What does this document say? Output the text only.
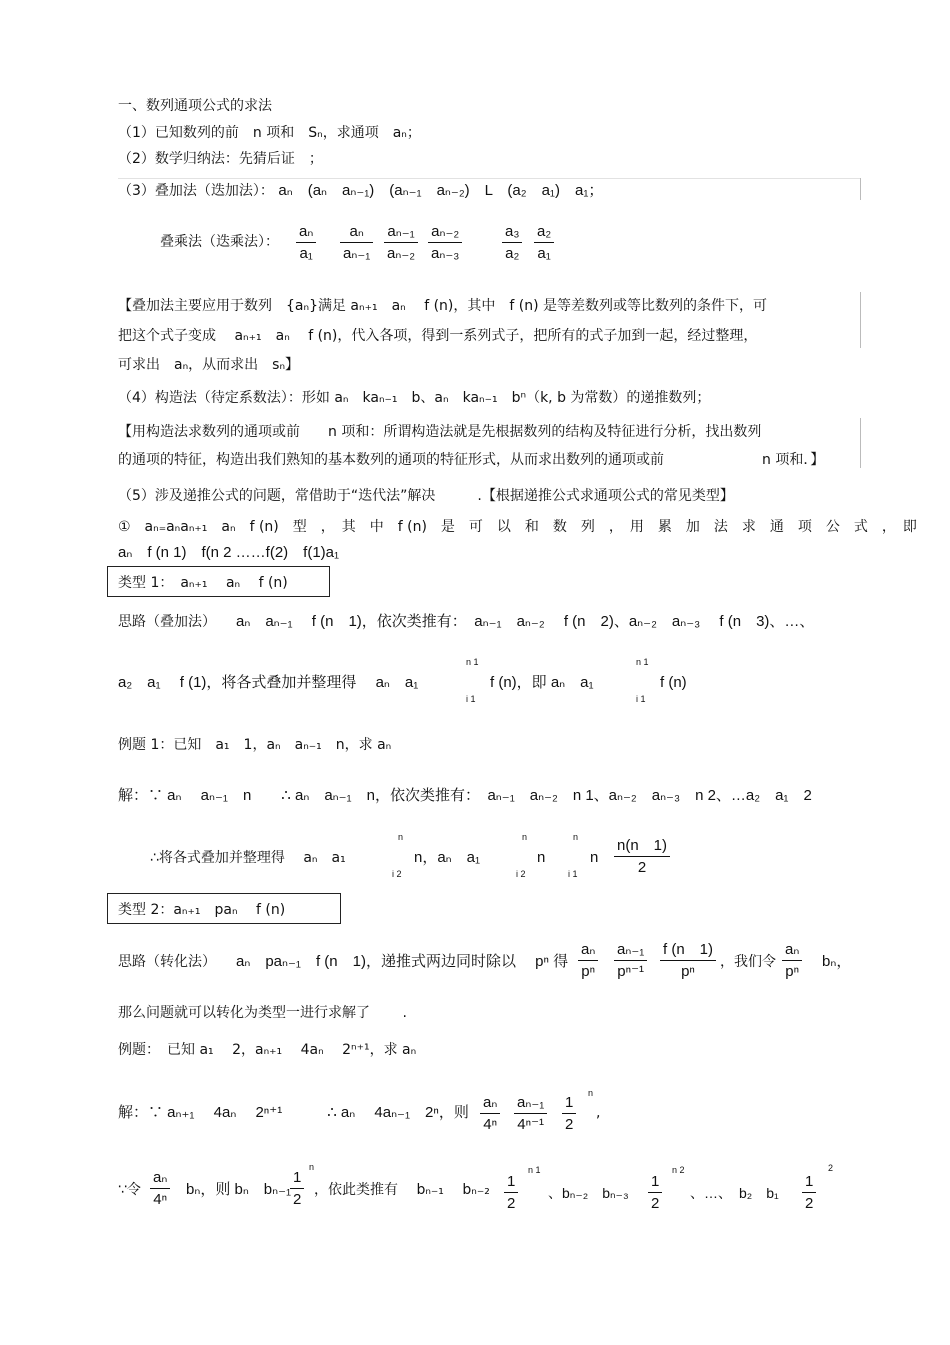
一、数列通项公式的求法
（1）已知数列的前　n 项和　Sₙ，求通项　aₙ；
（2）数学归纳法：先猜后证　；
（3）叠加法（迭加法）： aₙ　(aₙ　aₙ₋₁)　(aₙ₋₁　aₙ₋₂)　L　(a₂　a₁)　a₁；
叠乘法（迭乘法）： $\frac{\text{aₙ}}{\text{a₁}} \frac{\text{aₙ}}{\text{aₙ₋₁}} \frac{\text{aₙ₋₁}}{\text{aₙ₋₂}} \frac{\text{aₙ₋₂}}{\text{aₙ₋₃}}$	$\frac{\text{a₃}}{\text{a₂}} \frac{\text{a₂}}{\text{a₁}}$
【叠加法主要应用于数列　{aₙ}满足 aₙ₊₁　aₙ　 f (n)，其中　f (n) 是等差数列或等比数列的条件下，可
把这个式子变成　 aₙ₊₁　aₙ　 f (n)，代入各项，得到一系列式子，把所有的式子加到一起，经过整理，
可求出　aₙ，从而求出　sₙ】
（4）构造法（待定系数法）：形如 aₙ　kaₙ₋₁　b、aₙ　kaₙ₋₁　bⁿ（k, b 为常数）的递推数列；
【用构造法求数列的通项或前　　n 项和：所谓构造法就是先根据数列的结构及特征进行分析，找出数列
的通项的特征，构造出我们熟知的基本数列的通项的特征形式，从而求出数列的通项或前　　　　　　　n 项和．】
（5）涉及递推公式的问题，常借助于“迭代法”解决　　　.【根据递推公式求通项公式的常见类型】
①　aₙ₌aₙaₙ₊₁　aₙ　f (n)　型　，　其　中　f (n)　是　可　以　和　数　列　，　用　累　加　法　求　通　项　公　式　，　即
aₙ　f (n 1)　f(n 2 ……f(2)　f(1)a₁
类型 1：　aₙ₊₁　 aₙ　 f (n)
思路（叠加法） aₙ　aₙ₋₁　 f (n　1)，依次类推有：　aₙ₋₁　aₙ₋₂　 f (n　2)、aₙ₋₂　aₙ₋₃　 f (n　3)、…、
a₂　a₁　 f (1)，将各式叠加并整理得　 aₙ　a₁
n 1
i 1
f (n)，即 aₙ　a₁
n 1
i 1
f (n)
例题 1：已知　a₁　1，aₙ　aₙ₋₁　n，求 aₙ
解：∵ aₙ　 aₙ₋₁　n　　∴ aₙ　aₙ₋₁　n，依次类推有：　aₙ₋₁　aₙ₋₂　n 1、aₙ₋₂　aₙ₋₃　n 2、…a₂　a₁　2
∴将各式叠加并整理得　 aₙ　a₁
n
i 2
n，aₙ　a₁
n
i 2
n
n
i 1
n $\frac{n(n 1)}{2}$
类型 2：aₙ₊₁　paₙ　 f (n)
思路（转化法） aₙ　paₙ₋₁　f (n　1)，递推式两边同时除以　 pⁿ 得 $\frac{\text{aₙ}}{\text{pⁿ}} \frac{\text{aₙ₋₁}}{\text{pⁿ⁻¹}} \frac{f (n 1)}{\text{pⁿ}}$ ，我们令 $\frac{\text{aₙ}}{\text{pⁿ}}$ bₙ，
那么问题就可以转化为类型一进行求解了　　 .
例题：　已知 a₁　 2，aₙ₊₁　 4aₙ　 2ⁿ⁺¹，求 aₙ
解：∵ aₙ₊₁　 4aₙ　 2ⁿ⁺¹　　　∴ aₙ　 4aₙ₋₁　2ⁿ，则 $\frac{\text{aₙ}}{\text{4ⁿ}} \frac{\text{aₙ₋₁}}{\text{4ⁿ⁻¹}} \frac{1}{2}$ n
,
∵令 $\frac{\text{aₙ}}{\text{4ⁿ}}$ bₙ，则 bₙ　bₙ₋₁
$\frac{1}{2}$
n
，依此类推有　 bₙ₋₁　 $b_{n-2} \frac{1}{2}$
n 1
、bₙ₋₂　$b_{n-3} \frac{1}{2}$
n 2
、…、　b₂　$b_1 \frac{1}{2}$
2
